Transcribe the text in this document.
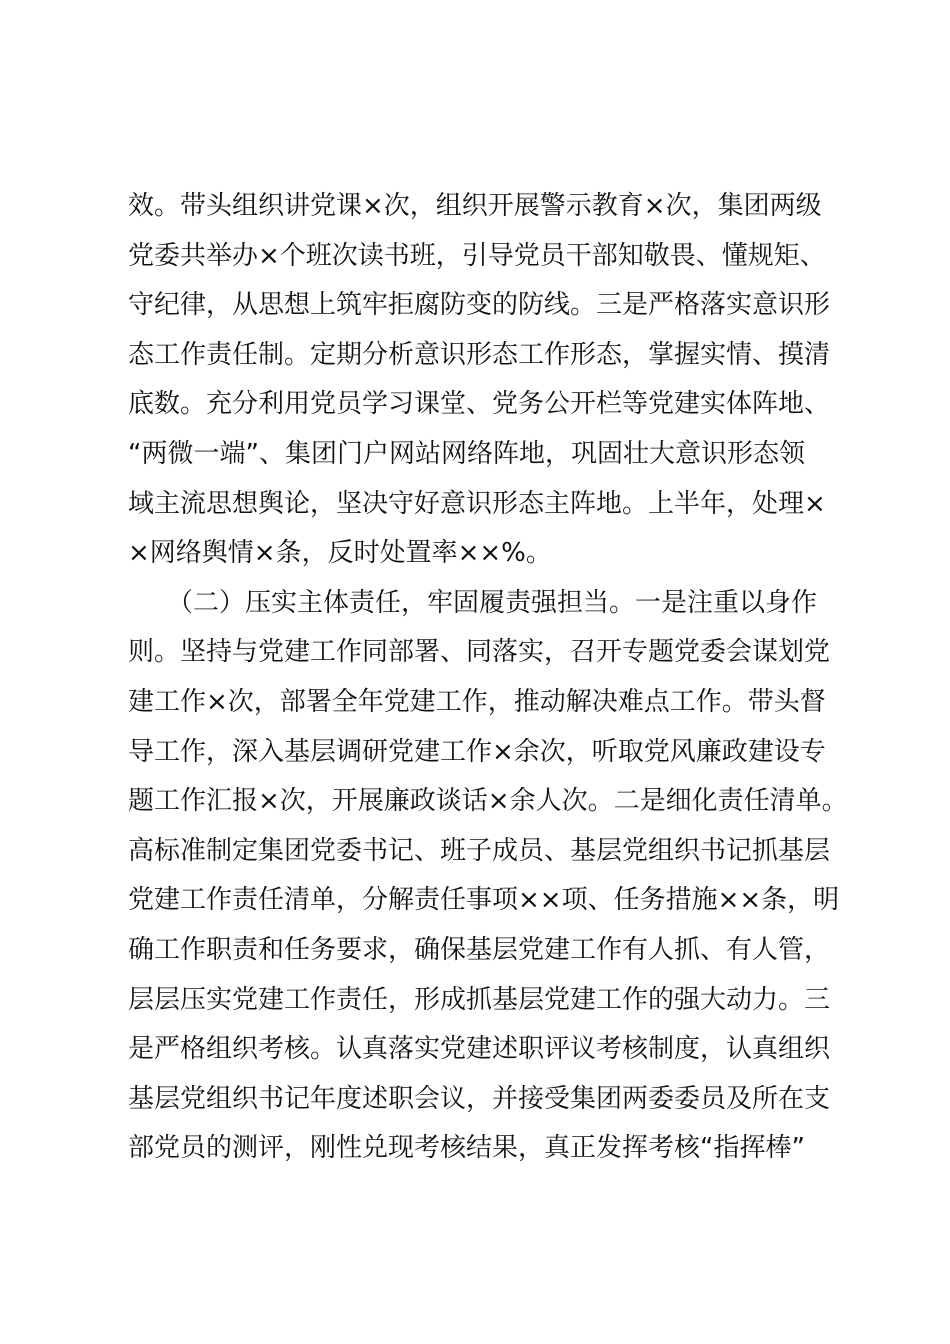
效。带头组织讲党课×次，组织开展警示教育×次，集团两级
党委共举办×个班次读书班，引导党员干部知敬畏、懂规矩、
守纪律，从思想上筑牢拒腐防变的防线。三是严格落实意识形
态工作责任制。定期分析意识形态工作形态，掌握实情、摸清
底数。充分利用党员学习课堂、党务公开栏等党建实体阵地、
“两微一端”、集团门户网站网络阵地，巩固壮大意识形态领
域主流思想舆论，坚决守好意识形态主阵地。上半年，处理×
×网络舆情×条，反时处置率××%。
　　（二）压实主体责任，牢固履责强担当。一是注重以身作
则。坚持与党建工作同部署、同落实，召开专题党委会谋划党
建工作×次，部署全年党建工作，推动解决难点工作。带头督
导工作，深入基层调研党建工作×余次，听取党风廉政建设专
题工作汇报×次，开展廉政谈话×余人次。二是细化责任清单。
高标准制定集团党委书记、班子成员、基层党组织书记抓基层
党建工作责任清单，分解责任事项××项、任务措施××条，明
确工作职责和任务要求，确保基层党建工作有人抓、有人管，
层层压实党建工作责任，形成抓基层党建工作的强大动力。三
是严格组织考核。认真落实党建述职评议考核制度，认真组织
基层党组织书记年度述职会议，并接受集团两委委员及所在支
部党员的测评，刚性兑现考核结果，真正发挥考核“指挥棒”
